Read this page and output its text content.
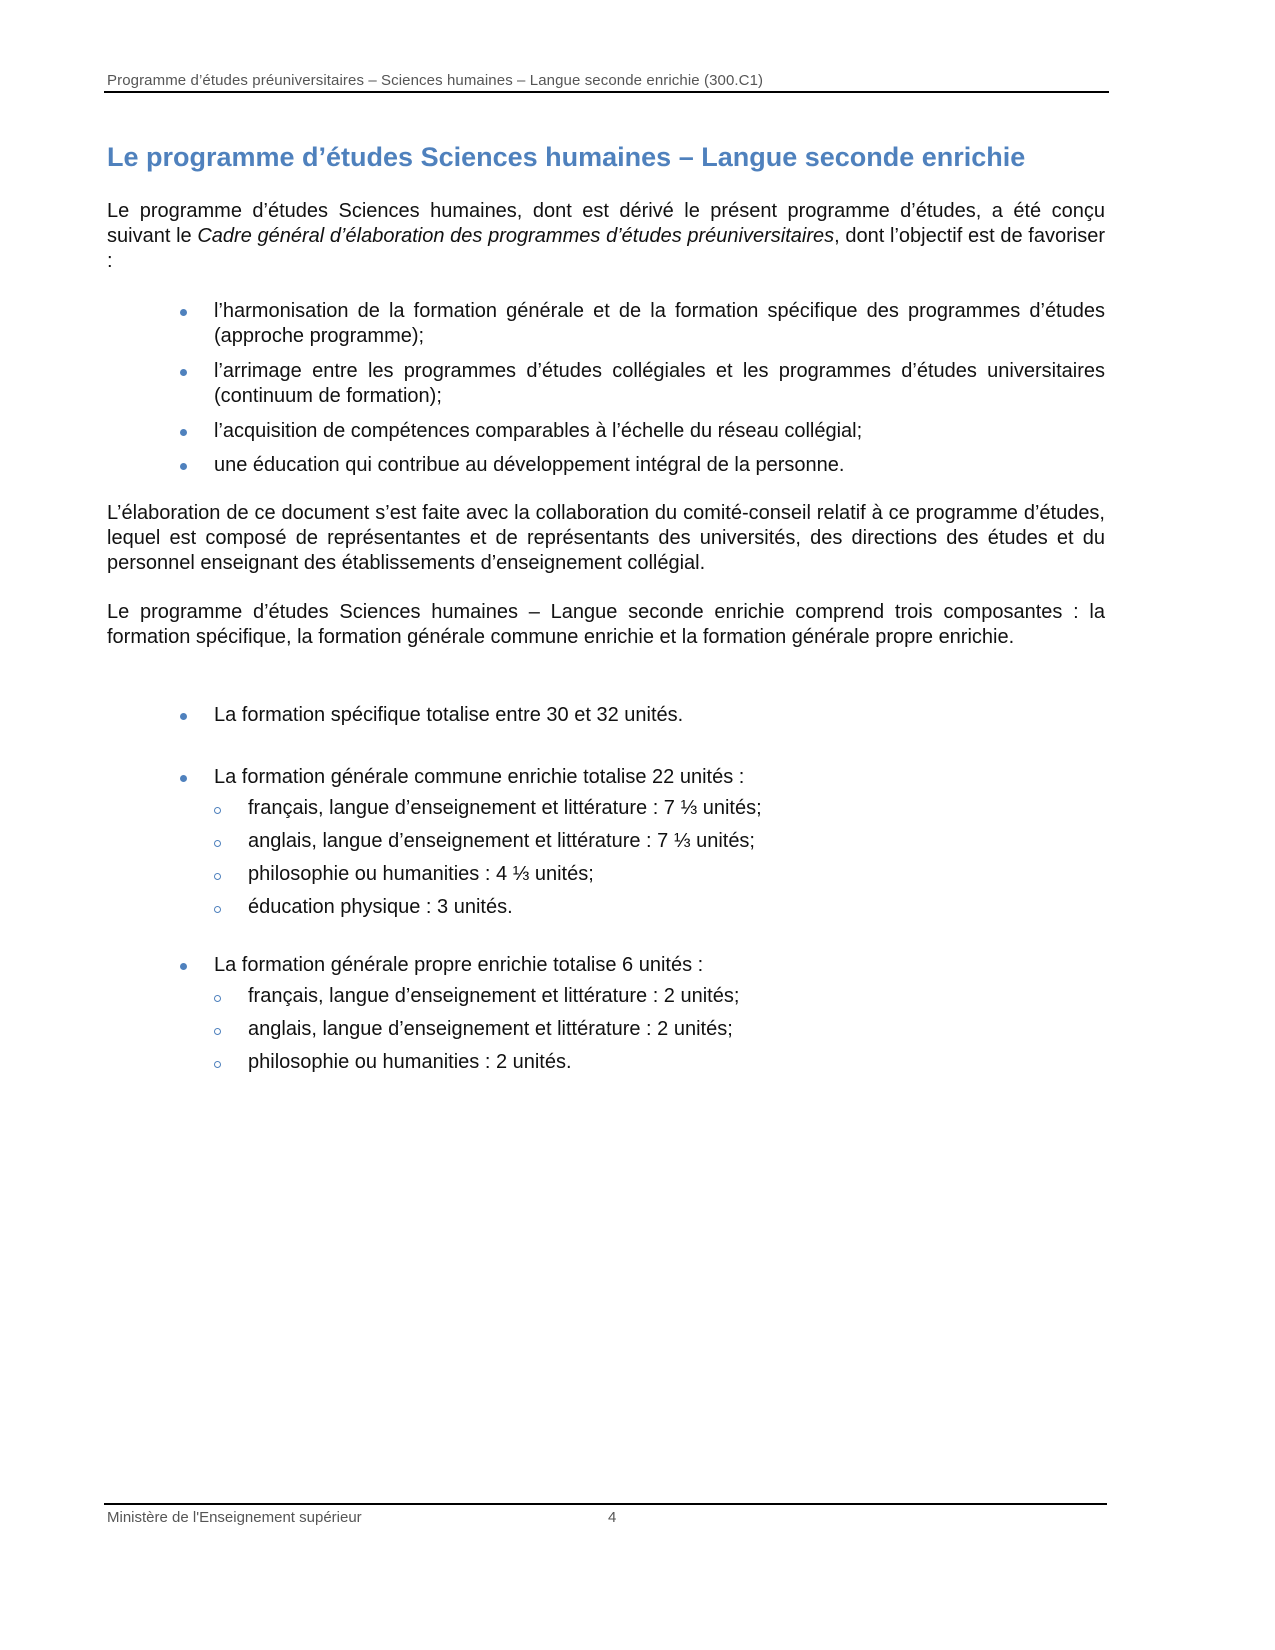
Programme d’études préuniversitaires – Sciences humaines – Langue seconde enrichie (300.C1)
Le programme d’études Sciences humaines – Langue seconde enrichie

Le programme d’études Sciences humaines, dont est dérivé le présent programme d’études, a été conçu suivant le Cadre général d’élaboration des programmes d’études préuniversitaires, dont l’objectif est de favoriser :

l’harmonisation de la formation générale et de la formation spécifique des programmes d’études (approche programme);
l’arrimage entre les programmes d’études collégiales et les programmes d’études universitaires (continuum de formation);
l’acquisition de compétences comparables à l’échelle du réseau collégial;
une éducation qui contribue au développement intégral de la personne.

L’élaboration de ce document s’est faite avec la collaboration du comité-conseil relatif à ce programme d’études, lequel est composé de représentantes et de représentants des universités, des directions des études et du personnel enseignant des établissements d’enseignement collégial.

Le programme d’études Sciences humaines – Langue seconde enrichie comprend trois composantes : la formation spécifique, la formation générale commune enrichie et la formation générale propre enrichie.

La formation spécifique totalise entre 30 et 32 unités.
La formation générale commune enrichie totalise 22 unités :
français, langue d’enseignement et littérature : 7 ⅓ unités;
anglais, langue d’enseignement et littérature : 7 ⅓ unités;
philosophie ou humanities : 4 ⅓ unités;
éducation physique : 3 unités.
La formation générale propre enrichie totalise 6 unités :
français, langue d’enseignement et littérature : 2 unités;
anglais, langue d’enseignement et littérature : 2 unités;
philosophie ou humanities : 2 unités.
Ministère de l'Enseignement supérieur	4
